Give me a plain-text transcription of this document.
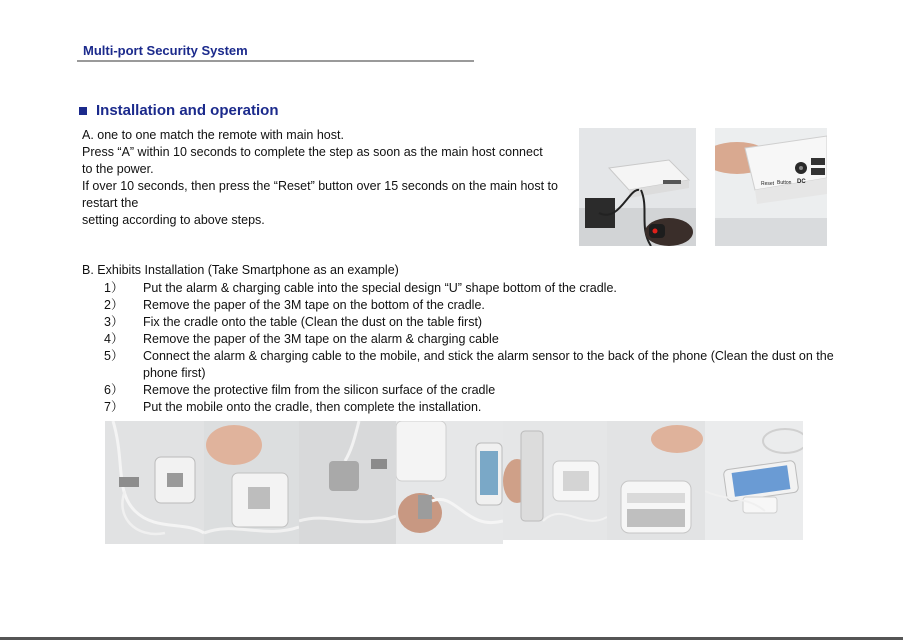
Multi-port Security System
Installation and operation
A. one to one match the remote with main host.
Press “A” within 10 seconds to complete the step as soon as the main host connect
to the power.
If over 10 seconds, then press the “Reset” button over 15 seconds on the main host to
restart the
setting according to above steps.
Reset Button DC
B. Exhibits Installation (Take Smartphone as an example)
1）	Put the alarm & charging cable into the special design “U” shape bottom of the cradle.
2）	Remove the paper of the 3M tape on the bottom of the cradle.
3）	Fix the cradle onto the table (Clean the dust on the table first)
4）	Remove the paper of the 3M tape on the alarm & charging cable
5）	Connect the alarm & charging cable to the mobile, and stick the alarm sensor to the back of the phone (Clean the dust on the phone first)
6）	Remove the protective film from the silicon surface of the cradle
7）	Put the mobile onto the cradle, then complete the installation.
